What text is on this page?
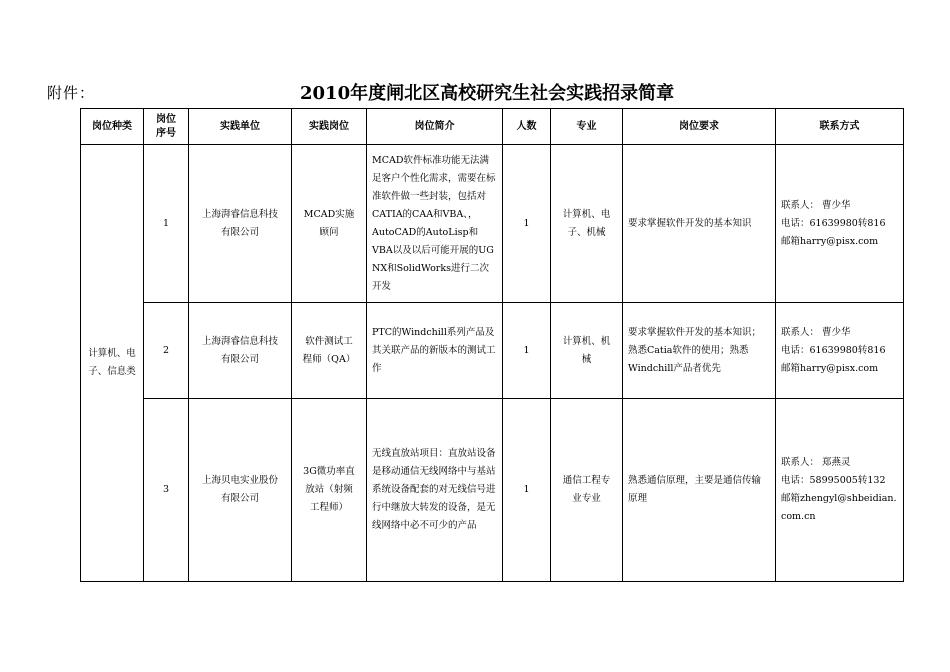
附件：	2010年度闸北区高校研究生社会实践招录简章
岗位种类	岗位序号	实践单位	实践岗位	岗位简介	人数	专业	岗位要求	联系方式

计算机、电子、信息类	1	上海湃睿信息科技有限公司	MCAD实施顾问	MCAD软件标准功能无法满足客户个性化需求，需要在标准软件做一些封装，包括对CATIA的CAA和VBA、，AutoCAD的AutoLisp和VBA以及以后可能开展的UG NX和SolidWorks进行二次开发	1	计算机、电子、机械	要求掌握软件开发的基本知识	联系人： 曹少华
电话：61639980转816
邮箱harry@pisx.com

	2	上海湃睿信息科技有限公司	软件测试工程师（QA）	PTC的Windchill系列产品及其关联产品的新版本的测试工作	1	计算机、机械	要求掌握软件开发的基本知识；熟悉Catia软件的使用；熟悉Windchill产品者优先	联系人： 曹少华
电话：61639980转816
邮箱harry@pisx.com

	3	上海贝电实业股份有限公司	3G微功率直放站（射频工程师）	无线直放站项目：直放站设备是移动通信无线网络中与基站系统设备配套的对无线信号进行中继放大转发的设备，是无线网络中必不可少的产品	1	通信工程专业专业	熟悉通信原理，主要是通信传输原理	联系人： 郑燕灵
电话：58995005转132
邮箱zhengyl@shbeidian.com.cn
